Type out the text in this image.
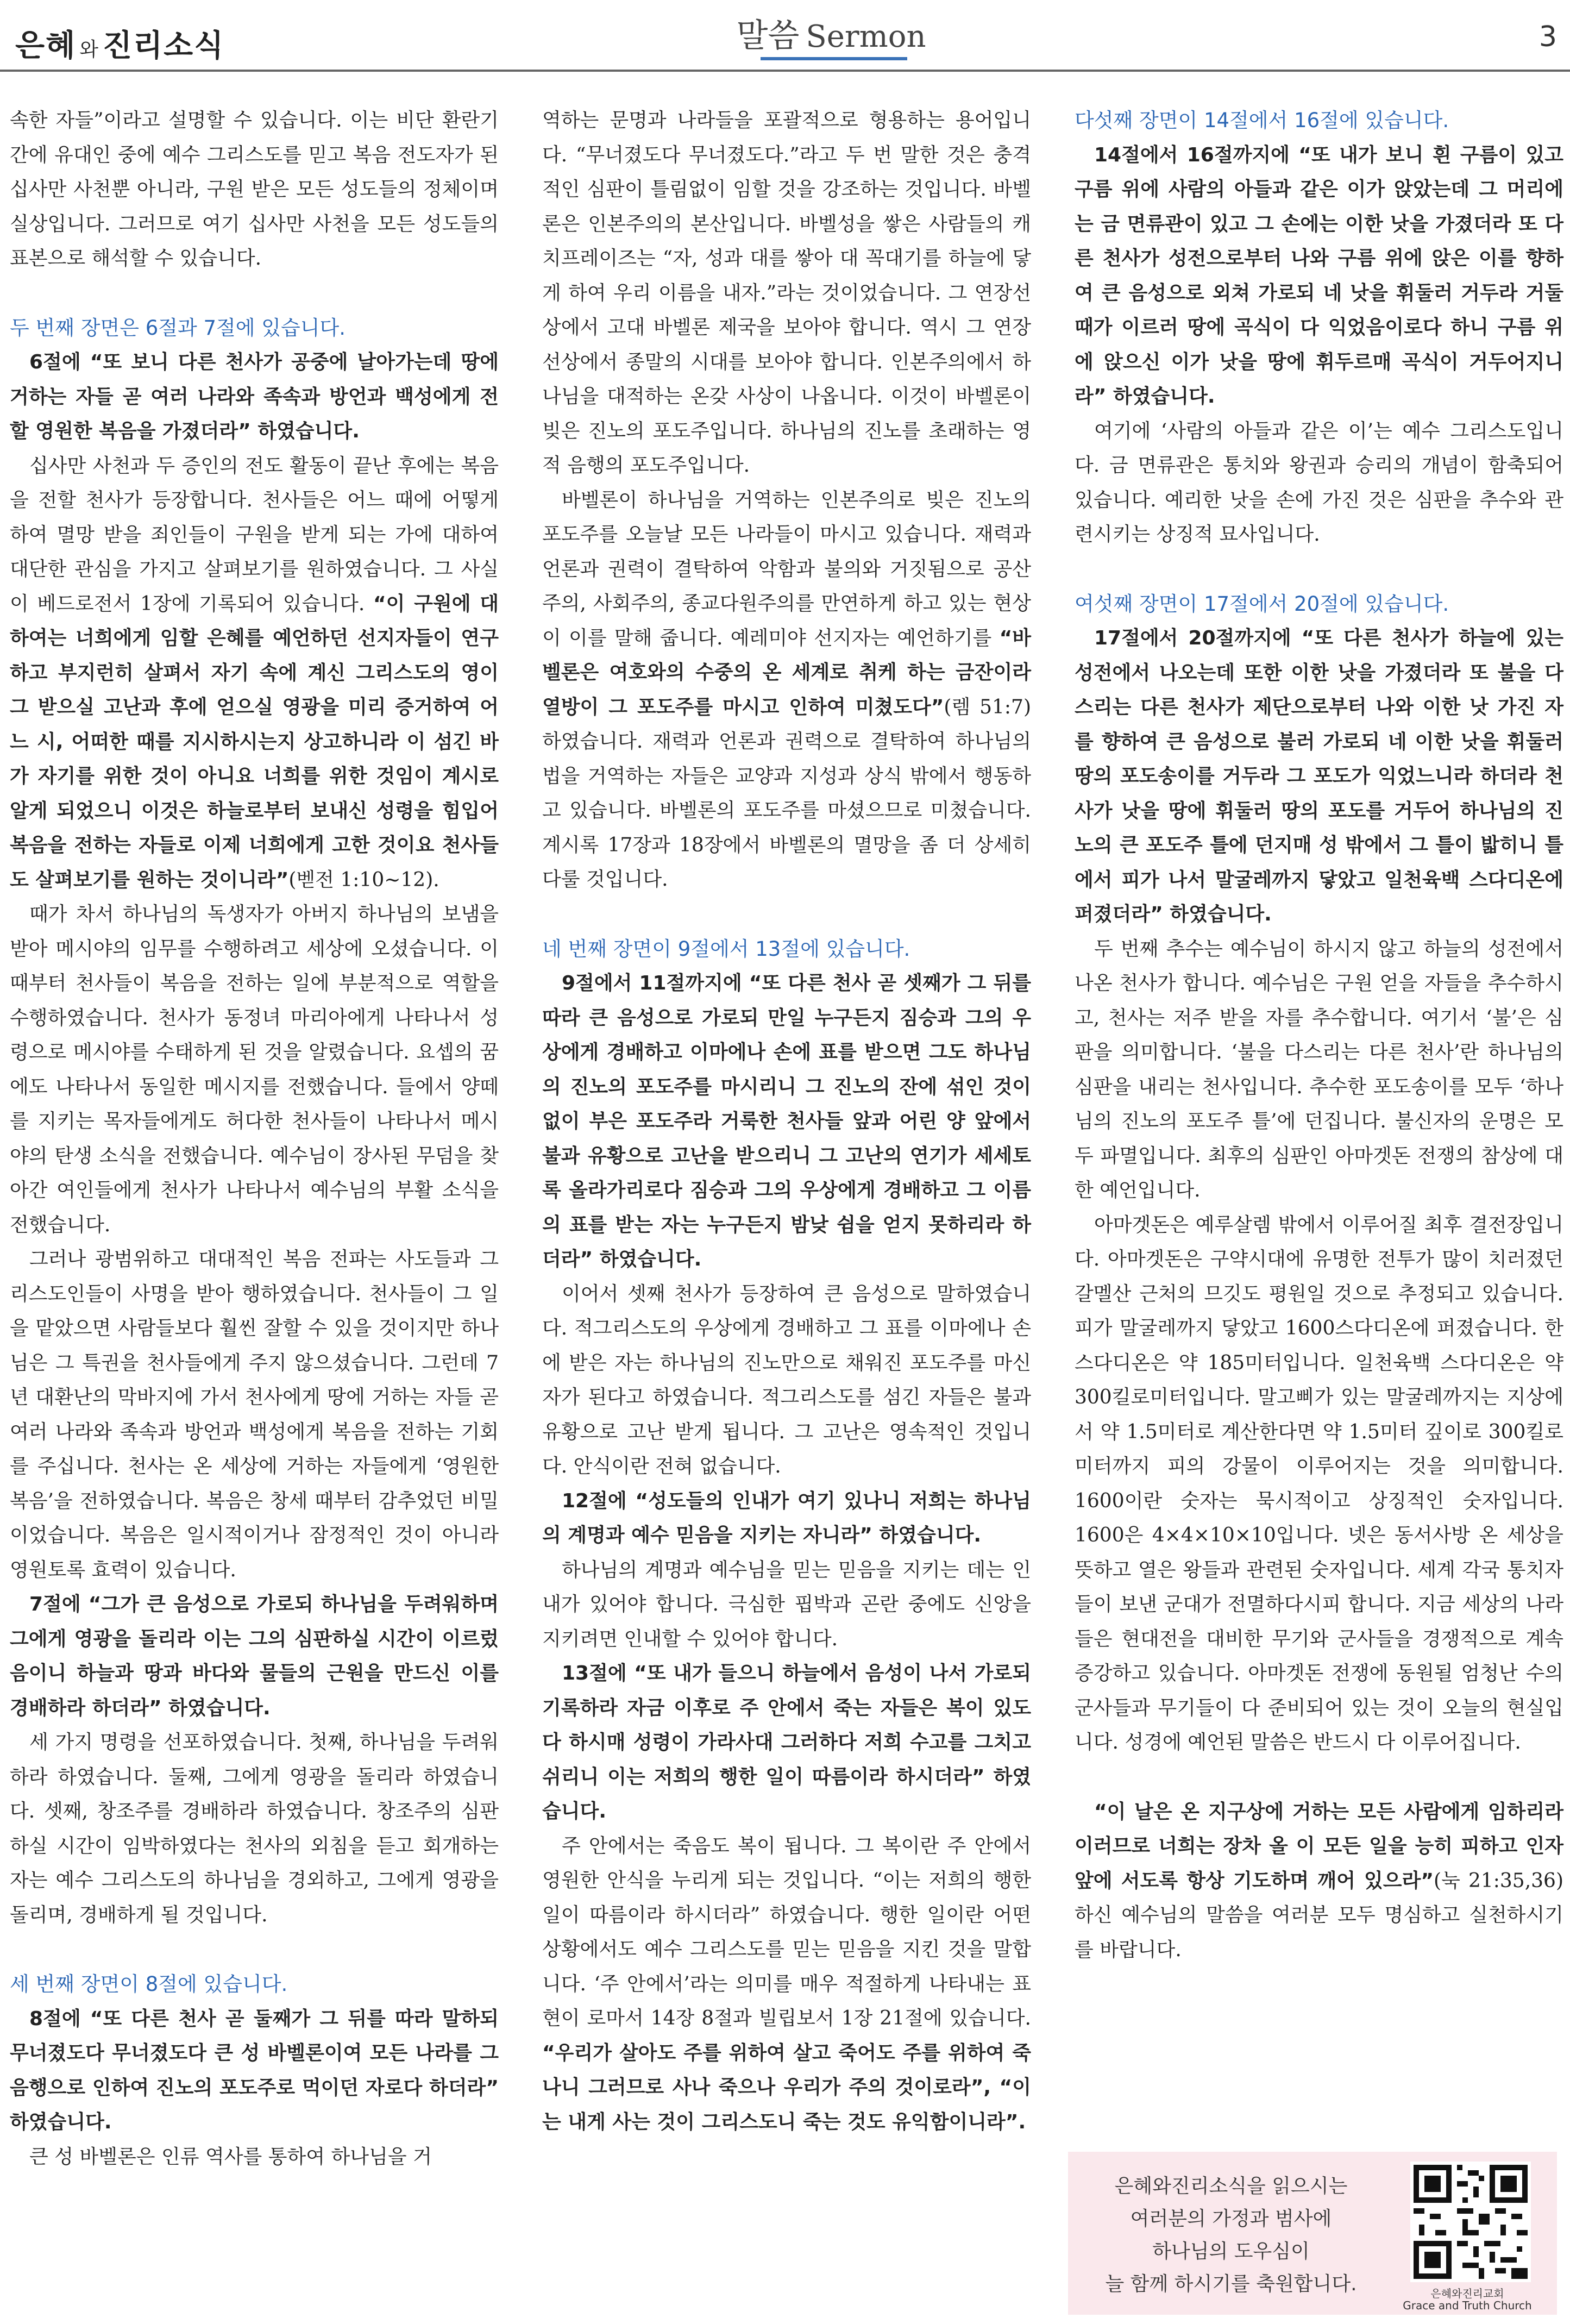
은혜 와 진리소식	말씀 Sermon	3

속한 자들”이라고 설명할 수 있습니다. 이는 비단 환란기간에 유대인 중에 예수 그리스도를 믿고 복음 전도자가 된 십사만 사천뿐 아니라, 구원 받은 모든 성도들의 정체이며 실상입니다. 그러므로 여기 십사만 사천을 모든 성도들의 표본으로 해석할 수 있습니다.

두 번째 장면은 6절과 7절에 있습니다.

6절에 “또 보니 다른 천사가 공중에 날아가는데 땅에 거하는 자들 곧 여러 나라와 족속과 방언과 백성에게 전할 영원한 복음을 가졌더라” 하였습니다.

십사만 사천과 두 증인의 전도 활동이 끝난 후에는 복음을 전할 천사가 등장합니다. 천사들은 어느 때에 어떻게 하여 멸망 받을 죄인들이 구원을 받게 되는 가에 대하여 대단한 관심을 가지고 살펴보기를 원하였습니다. 그 사실이 베드로전서 1장에 기록되어 있습니다. “이 구원에 대하여는 너희에게 임할 은혜를 예언하던 선지자들이 연구하고 부지런히 살펴서 자기 속에 계신 그리스도의 영이 그 받으실 고난과 후에 얻으실 영광을 미리 증거하여 어느 시, 어떠한 때를 지시하시는지 상고하니라 이 섬긴 바가 자기를 위한 것이 아니요 너희를 위한 것임이 계시로 알게 되었으니 이것은 하늘로부터 보내신 성령을 힘입어 복음을 전하는 자들로 이제 너희에게 고한 것이요 천사들도 살펴보기를 원하는 것이니라”(벧전 1:10~12).

때가 차서 하나님의 독생자가 아버지 하나님의 보냄을 받아 메시야의 임무를 수행하려고 세상에 오셨습니다. 이 때부터 천사들이 복음을 전하는 일에 부분적으로 역할을 수행하였습니다. 천사가 동정녀 마리아에게 나타나서 성령으로 메시야를 수태하게 된 것을 알렸습니다. 요셉의 꿈에도 나타나서 동일한 메시지를 전했습니다. 들에서 양떼를 지키는 목자들에게도 허다한 천사들이 나타나서 메시야의 탄생 소식을 전했습니다. 예수님이 장사된 무덤을 찾아간 여인들에게 천사가 나타나서 예수님의 부활 소식을 전했습니다.

그러나 광범위하고 대대적인 복음 전파는 사도들과 그리스도인들이 사명을 받아 행하였습니다. 천사들이 그 일을 맡았으면 사람들보다 훨씬 잘할 수 있을 것이지만 하나님은 그 특권을 천사들에게 주지 않으셨습니다. 그런데 7년 대환난의 막바지에 가서 천사에게 땅에 거하는 자들 곧 여러 나라와 족속과 방언과 백성에게 복음을 전하는 기회를 주십니다. 천사는 온 세상에 거하는 자들에게 ‘영원한 복음’을 전하였습니다. 복음은 창세 때부터 감추었던 비밀이었습니다. 복음은 일시적이거나 잠정적인 것이 아니라 영원토록 효력이 있습니다.

7절에 “그가 큰 음성으로 가로되 하나님을 두려워하며 그에게 영광을 돌리라 이는 그의 심판하실 시간이 이르렀음이니 하늘과 땅과 바다와 물들의 근원을 만드신 이를 경배하라 하더라” 하였습니다.

세 가지 명령을 선포하였습니다. 첫째, 하나님을 두려워하라 하였습니다. 둘째, 그에게 영광을 돌리라 하였습니다. 셋째, 창조주를 경배하라 하였습니다. 창조주의 심판하실 시간이 임박하였다는 천사의 외침을 듣고 회개하는 자는 예수 그리스도의 하나님을 경외하고, 그에게 영광을 돌리며, 경배하게 될 것입니다.

세 번째 장면이 8절에 있습니다.

8절에 “또 다른 천사 곧 둘째가 그 뒤를 따라 말하되 무너졌도다 무너졌도다 큰 성 바벨론이여 모든 나라를 그 음행으로 인하여 진노의 포도주로 먹이던 자로다 하더라” 하였습니다.

큰 성 바벨론은 인류 역사를 통하여 하나님을 거

역하는 문명과 나라들을 포괄적으로 형용하는 용어입니다. “무너졌도다 무너졌도다.”라고 두 번 말한 것은 충격적인 심판이 틀림없이 임할 것을 강조하는 것입니다. 바벨론은 인본주의의 본산입니다. 바벨성을 쌓은 사람들의 캐치프레이즈는 “자, 성과 대를 쌓아 대 꼭대기를 하늘에 닿게 하여 우리 이름을 내자.”라는 것이었습니다. 그 연장선상에서 고대 바벨론 제국을 보아야 합니다. 역시 그 연장선상에서 종말의 시대를 보아야 합니다. 인본주의에서 하나님을 대적하는 온갖 사상이 나옵니다. 이것이 바벨론이 빚은 진노의 포도주입니다. 하나님의 진노를 초래하는 영적 음행의 포도주입니다.

바벨론이 하나님을 거역하는 인본주의로 빚은 진노의 포도주를 오늘날 모든 나라들이 마시고 있습니다. 재력과 언론과 권력이 결탁하여 악함과 불의와 거짓됨으로 공산주의, 사회주의, 종교다원주의를 만연하게 하고 있는 현상이 이를 말해 줍니다. 예레미야 선지자는 예언하기를 “바벨론은 여호와의 수중의 온 세계로 취케 하는 금잔이라 열방이 그 포도주를 마시고 인하여 미쳤도다”(렘 51:7) 하였습니다. 재력과 언론과 권력으로 결탁하여 하나님의 법을 거역하는 자들은 교양과 지성과 상식 밖에서 행동하고 있습니다. 바벨론의 포도주를 마셨으므로 미쳤습니다. 계시록 17장과 18장에서 바벨론의 멸망을 좀 더 상세히 다룰 것입니다.

네 번째 장면이 9절에서 13절에 있습니다.

9절에서 11절까지에 “또 다른 천사 곧 셋째가 그 뒤를 따라 큰 음성으로 가로되 만일 누구든지 짐승과 그의 우상에게 경배하고 이마에나 손에 표를 받으면 그도 하나님의 진노의 포도주를 마시리니 그 진노의 잔에 섞인 것이 없이 부은 포도주라 거룩한 천사들 앞과 어린 양 앞에서 불과 유황으로 고난을 받으리니 그 고난의 연기가 세세토록 올라가리로다 짐승과 그의 우상에게 경배하고 그 이름의 표를 받는 자는 누구든지 밤낮 쉼을 얻지 못하리라 하더라” 하였습니다.

이어서 셋째 천사가 등장하여 큰 음성으로 말하였습니다. 적그리스도의 우상에게 경배하고 그 표를 이마에나 손에 받은 자는 하나님의 진노만으로 채워진 포도주를 마신 자가 된다고 하였습니다. 적그리스도를 섬긴 자들은 불과 유황으로 고난 받게 됩니다. 그 고난은 영속적인 것입니다. 안식이란 전혀 없습니다.

12절에 “성도들의 인내가 여기 있나니 저희는 하나님의 계명과 예수 믿음을 지키는 자니라” 하였습니다.

하나님의 계명과 예수님을 믿는 믿음을 지키는 데는 인내가 있어야 합니다. 극심한 핍박과 곤란 중에도 신앙을 지키려면 인내할 수 있어야 합니다.

13절에 “또 내가 들으니 하늘에서 음성이 나서 가로되 기록하라 자금 이후로 주 안에서 죽는 자들은 복이 있도다 하시매 성령이 가라사대 그러하다 저희 수고를 그치고 쉬리니 이는 저희의 행한 일이 따름이라 하시더라” 하였습니다.

주 안에서는 죽음도 복이 됩니다. 그 복이란 주 안에서 영원한 안식을 누리게 되는 것입니다. “이는 저희의 행한 일이 따름이라 하시더라” 하였습니다. 행한 일이란 어떤 상황에서도 예수 그리스도를 믿는 믿음을 지킨 것을 말합니다. ‘주 안에서’라는 의미를 매우 적절하게 나타내는 표현이 로마서 14장 8절과 빌립보서 1장 21절에 있습니다. “우리가 살아도 주를 위하여 살고 죽어도 주를 위하여 죽나니 그러므로 사나 죽으나 우리가 주의 것이로라”, “이는 내게 사는 것이 그리스도니 죽는 것도 유익함이니라”.

다섯째 장면이 14절에서 16절에 있습니다.

14절에서 16절까지에 “또 내가 보니 흰 구름이 있고 구름 위에 사람의 아들과 같은 이가 앉았는데 그 머리에는 금 면류관이 있고 그 손에는 이한 낫을 가졌더라 또 다른 천사가 성전으로부터 나와 구름 위에 앉은 이를 향하여 큰 음성으로 외쳐 가로되 네 낫을 휘둘러 거두라 거둘 때가 이르러 땅에 곡식이 다 익었음이로다 하니 구름 위에 앉으신 이가 낫을 땅에 휘두르매 곡식이 거두어지니라” 하였습니다.

여기에 ‘사람의 아들과 같은 이’는 예수 그리스도입니다. 금 면류관은 통치와 왕권과 승리의 개념이 함축되어 있습니다. 예리한 낫을 손에 가진 것은 심판을 추수와 관련시키는 상징적 묘사입니다.

여섯째 장면이 17절에서 20절에 있습니다.

17절에서 20절까지에 “또 다른 천사가 하늘에 있는 성전에서 나오는데 또한 이한 낫을 가졌더라 또 불을 다스리는 다른 천사가 제단으로부터 나와 이한 낫 가진 자를 향하여 큰 음성으로 불러 가로되 네 이한 낫을 휘둘러 땅의 포도송이를 거두라 그 포도가 익었느니라 하더라 천사가 낫을 땅에 휘둘러 땅의 포도를 거두어 하나님의 진노의 큰 포도주 틀에 던지매 성 밖에서 그 틀이 밟히니 틀에서 피가 나서 말굴레까지 닿았고 일천육백 스다디온에 퍼졌더라” 하였습니다.

두 번째 추수는 예수님이 하시지 않고 하늘의 성전에서 나온 천사가 합니다. 예수님은 구원 얻을 자들을 추수하시고, 천사는 저주 받을 자를 추수합니다. 여기서 ‘불’은 심판을 의미합니다. ‘불을 다스리는 다른 천사’란 하나님의 심판을 내리는 천사입니다. 추수한 포도송이를 모두 ‘하나님의 진노의 포도주 틀’에 던집니다. 불신자의 운명은 모두 파멸입니다. 최후의 심판인 아마겟돈 전쟁의 참상에 대한 예언입니다.

아마겟돈은 예루살렘 밖에서 이루어질 최후 결전장입니다. 아마겟돈은 구약시대에 유명한 전투가 많이 치러졌던 갈멜산 근처의 므깃도 평원일 것으로 추정되고 있습니다. 피가 말굴레까지 닿았고 1600스다디온에 퍼졌습니다. 한 스다디온은 약 185미터입니다. 일천육백 스다디온은 약 300킬로미터입니다. 말고삐가 있는 말굴레까지는 지상에서 약 1.5미터로 계산한다면 약 1.5미터 깊이로 300킬로미터까지 피의 강물이 이루어지는 것을 의미합니다. 1600이란 숫자는 묵시적이고 상징적인 숫자입니다. 1600은 4×4×10×10입니다. 넷은 동서사방 온 세상을 뜻하고 열은 왕들과 관련된 숫자입니다. 세계 각국 통치자들이 보낸 군대가 전멸하다시피 합니다. 지금 세상의 나라들은 현대전을 대비한 무기와 군사들을 경쟁적으로 계속 증강하고 있습니다. 아마겟돈 전쟁에 동원될 엄청난 수의 군사들과 무기들이 다 준비되어 있는 것이 오늘의 현실입니다. 성경에 예언된 말씀은 반드시 다 이루어집니다.

“이 날은 온 지구상에 거하는 모든 사람에게 임하리라 이러므로 너희는 장차 올 이 모든 일을 능히 피하고 인자 앞에 서도록 항상 기도하며 깨어 있으라”(눅 21:35,36) 하신 예수님의 말씀을 여러분 모두 명심하고 실천하시기를 바랍니다.

은혜와진리소식을 읽으시는
여러분의 가정과 범사에
하나님의 도우심이
늘 함께 하시기를 축원합니다.	은혜와진리교회
Grace and Truth Church
